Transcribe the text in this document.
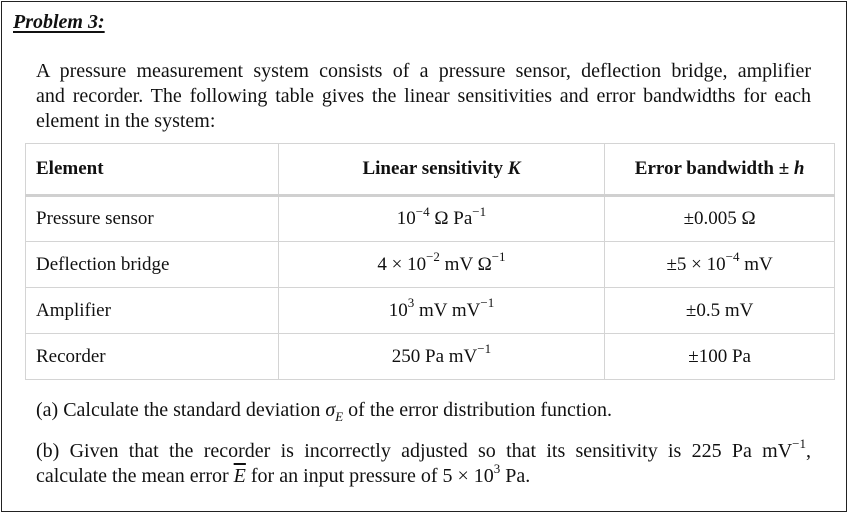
Problem 3:
A pressure measurement system consists of a pressure sensor, deflection bridge, amplifier
and recorder. The following table gives the linear sensitivities and error bandwidths for each
element in the system:
Element	Linear sensitivity K	Error bandwidth ± h
Pressure sensor	$10^{-4}$ Ω $Pa^{-1}$	±0.005 Ω
Deflection bridge	$4 \times 10^{-2}$ mV $\Omega^{-1}$	$\pm 5 \times 10^{-4}$ mV
Amplifier	$10^3$ mV $mV^{-1}$	±0.5 mV
Recorder	250 Pa $mV^{-1}$	±100 Pa
(a) Calculate the standard deviation $\sigma_E$ of the error distribution function.
(b) Given that the recorder is incorrectly adjusted so that its sensitivity is 225 Pa $mV^{-1}$,
calculate the mean error $\overline{E}$ for an input pressure of $5 \times 10^3$ Pa.
